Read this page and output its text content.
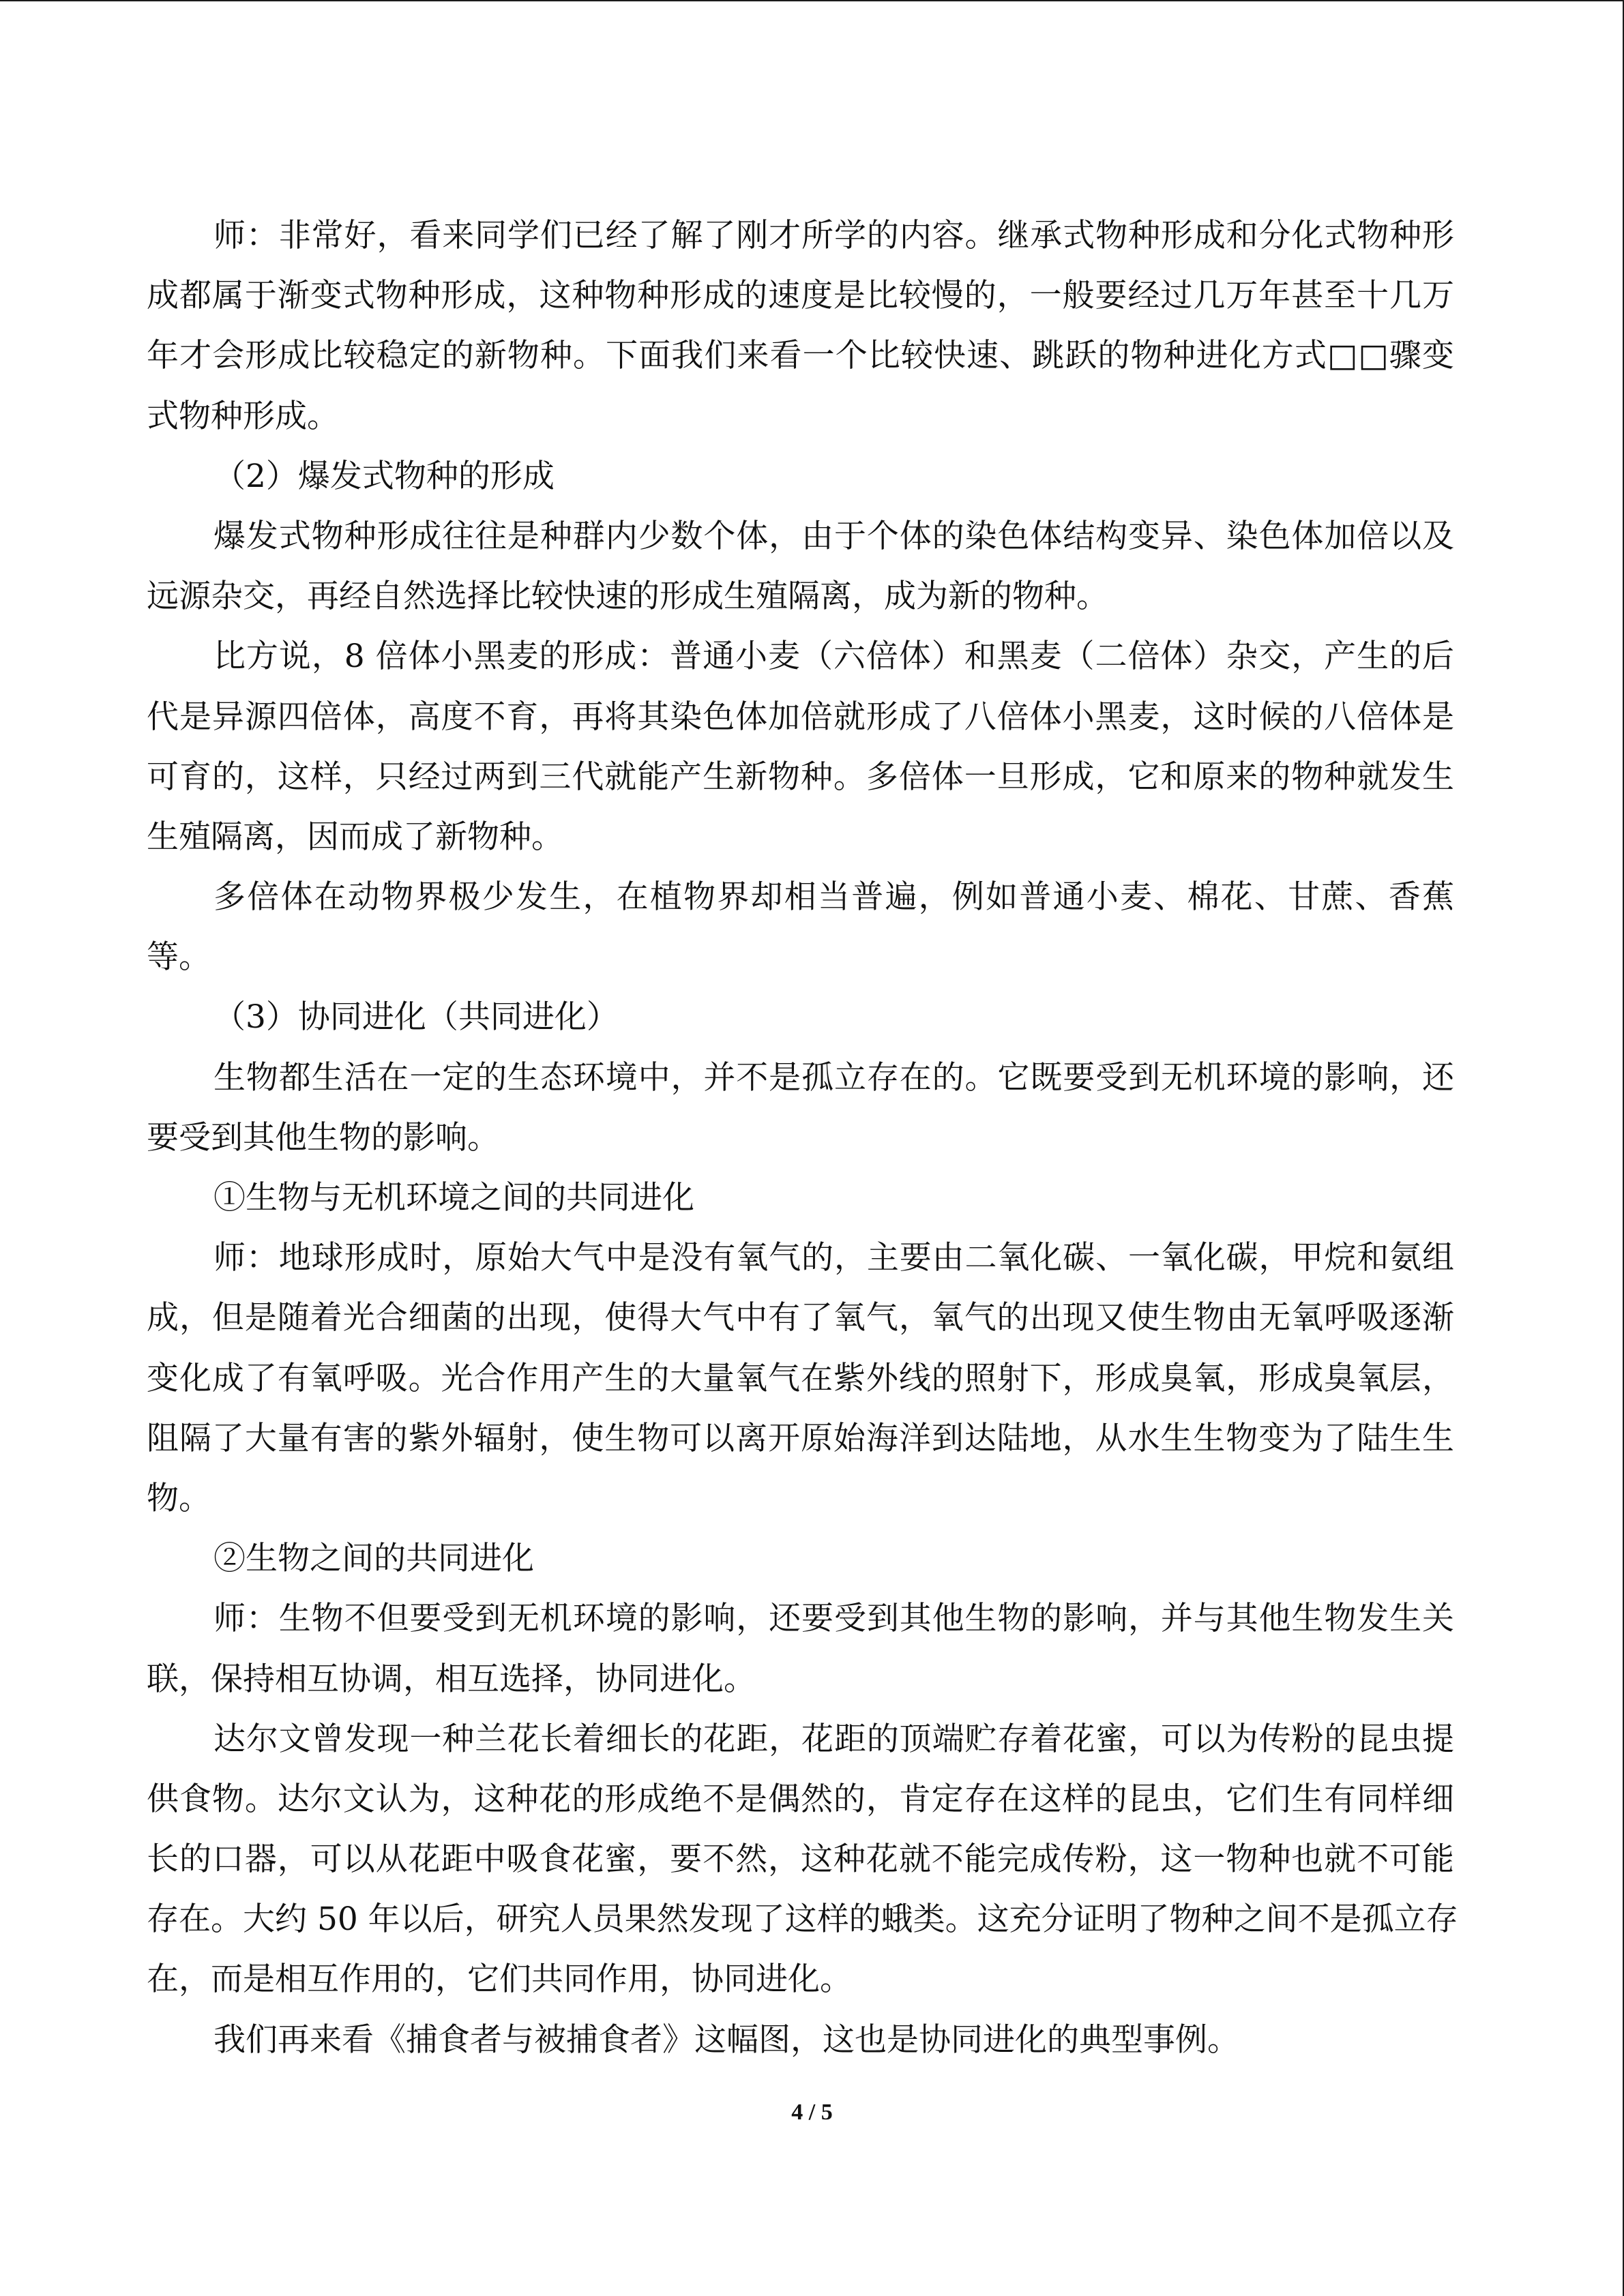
师：非常好，看来同学们已经了解了刚才所学的内容。继承式物种形成和分化式物种形
成都属于渐变式物种形成，这种物种形成的速度是比较慢的，一般要经过几万年甚至十几万
年才会形成比较稳定的新物种。下面我们来看一个比较快速、跳跃的物种进化方式□□骤变
式物种形成。
（2）爆发式物种的形成
爆发式物种形成往往是种群内少数个体，由于个体的染色体结构变异、染色体加倍以及
远源杂交，再经自然选择比较快速的形成生殖隔离，成为新的物种。
比方说，8 倍体小黑麦的形成：普通小麦（六倍体）和黑麦（二倍体）杂交，产生的后
代是异源四倍体，高度不育，再将其染色体加倍就形成了八倍体小黑麦，这时候的八倍体是
可育的，这样，只经过两到三代就能产生新物种。多倍体一旦形成，它和原来的物种就发生
生殖隔离，因而成了新物种。
多倍体在动物界极少发生，在植物界却相当普遍，例如普通小麦、棉花、甘蔗、香蕉
等。
（3）协同进化（共同进化）
生物都生活在一定的生态环境中，并不是孤立存在的。它既要受到无机环境的影响，还
要受到其他生物的影响。
①生物与无机环境之间的共同进化
师：地球形成时，原始大气中是没有氧气的，主要由二氧化碳、一氧化碳，甲烷和氨组
成，但是随着光合细菌的出现，使得大气中有了氧气，氧气的出现又使生物由无氧呼吸逐渐
变化成了有氧呼吸。光合作用产生的大量氧气在紫外线的照射下，形成臭氧，形成臭氧层，
阻隔了大量有害的紫外辐射，使生物可以离开原始海洋到达陆地，从水生生物变为了陆生生
物。
②生物之间的共同进化
师：生物不但要受到无机环境的影响，还要受到其他生物的影响，并与其他生物发生关
联，保持相互协调，相互选择，协同进化。
达尔文曾发现一种兰花长着细长的花距，花距的顶端贮存着花蜜，可以为传粉的昆虫提
供食物。达尔文认为，这种花的形成绝不是偶然的，肯定存在这样的昆虫，它们生有同样细
长的口器，可以从花距中吸食花蜜，要不然，这种花就不能完成传粉，这一物种也就不可能
存在。大约 50 年以后，研究人员果然发现了这样的蛾类。这充分证明了物种之间不是孤立存
在，而是相互作用的，它们共同作用，协同进化。
我们再来看《捕食者与被捕食者》这幅图，这也是协同进化的典型事例。
4 / 5
